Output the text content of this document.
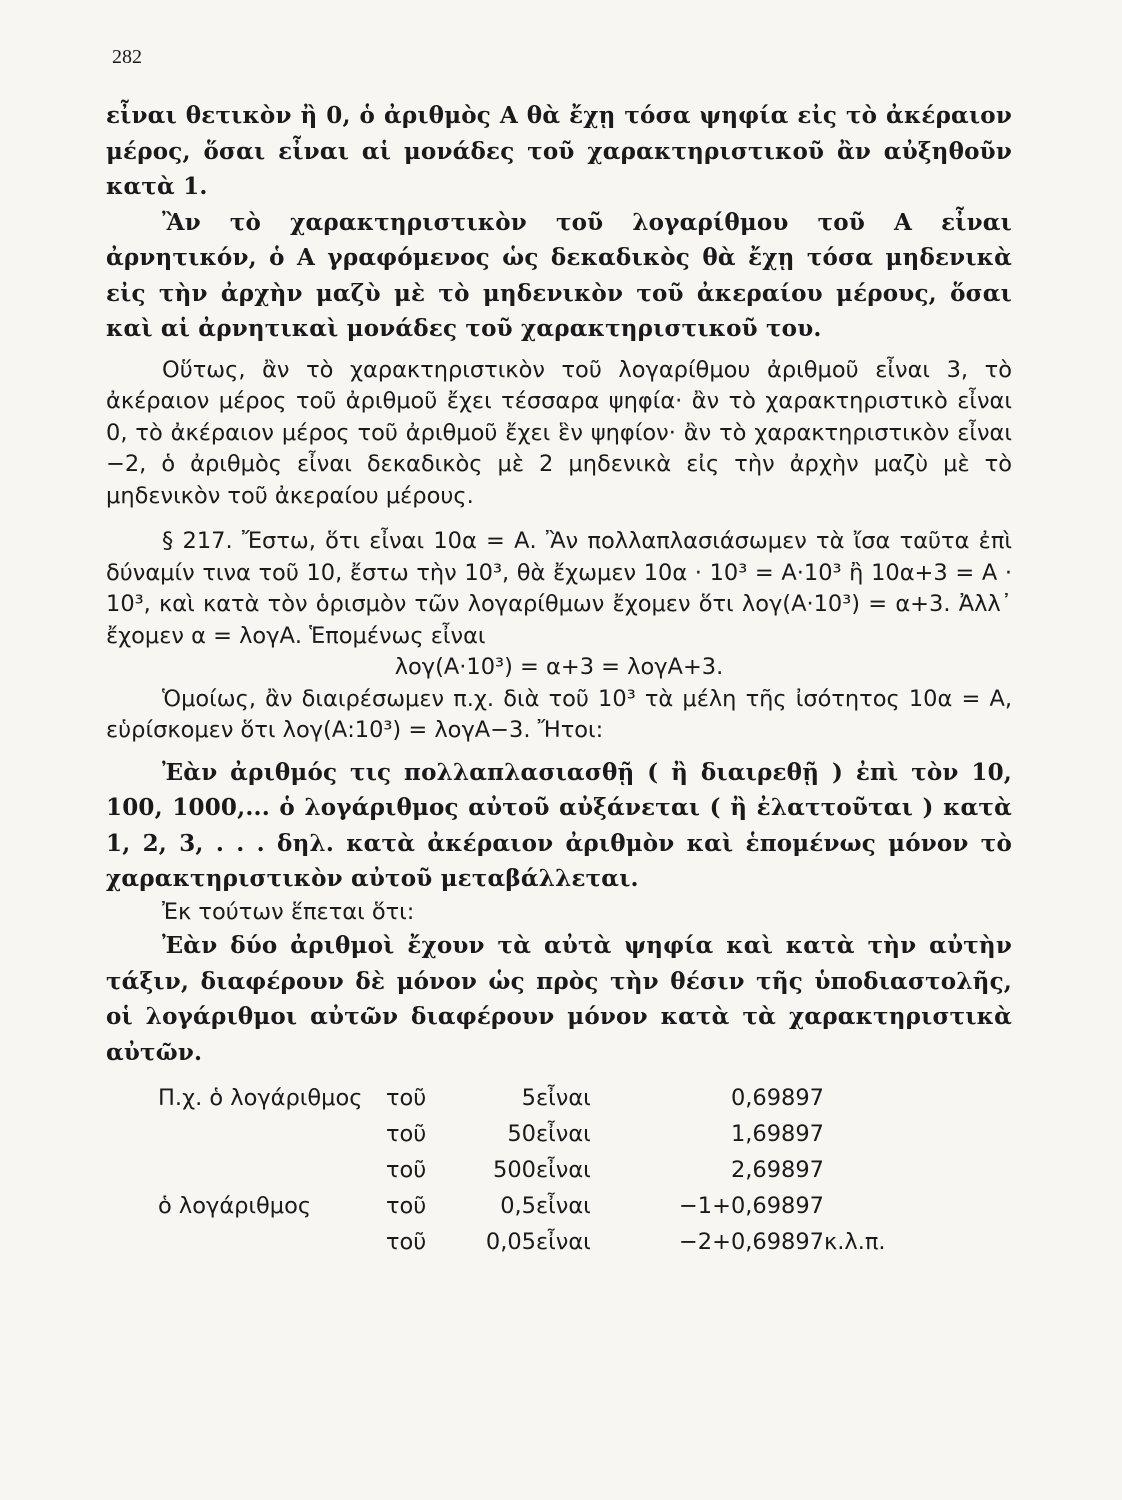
282

εἶναι θετικὸν ἢ 0, ὁ ἀριθμὸς Α θὰ ἔχῃ τόσα ψηφία εἰς τὸ ἀκέραιον μέρος, ὅσαι εἶναι αἱ μονάδες τοῦ χαρακτηριστικοῦ ἂν αὐξηθοῦν κατὰ 1.

Ἂν τὸ χαρακτηριστικὸν τοῦ λογαρίθμου τοῦ Α εἶναι ἀρνητικόν, ὁ Α γραφόμενος ὡς δεκαδικὸς θὰ ἔχῃ τόσα μηδενικὰ εἰς τὴν ἀρχὴν μαζὺ μὲ τὸ μηδενικὸν τοῦ ἀκεραίου μέρους, ὅσαι καὶ αἱ ἀρνητικαὶ μονάδες τοῦ χαρακτηριστικοῦ του.

Οὕτως, ἂν τὸ χαρακτηριστικὸν τοῦ λογαρίθμου ἀριθμοῦ εἶναι 3, τὸ ἀκέραιον μέρος τοῦ ἀριθμοῦ ἔχει τέσσαρα ψηφία· ἂν τὸ χαρακτηριστικὸ εἶναι 0, τὸ ἀκέραιον μέρος τοῦ ἀριθμοῦ ἔχει ἓν ψηφίον· ἂν τὸ χαρακτηριστικὸν εἶναι −2, ὁ ἀριθμὸς εἶναι δεκαδικὸς μὲ 2 μηδενικὰ εἰς τὴν ἀρχὴν μαζὺ μὲ τὸ μηδενικὸν τοῦ ἀκεραίου μέρους.

§ 217. Ἔστω, ὅτι εἶναι 10α = Α. Ἂν πολλαπλασιάσωμεν τὰ ἴσα ταῦτα ἐπὶ δύναμίν τινα τοῦ 10, ἔστω τὴν 10³, θὰ ἔχωμεν 10α · 10³ = Α·10³ ἢ 10α+3 = Α · 10³, καὶ κατὰ τὸν ὁρισμὸν τῶν λογαρίθμων ἔχομεν ὅτι λογ(Α·10³) = α+3. Ἀλλ᾽ ἔχομεν α = λογΑ. Ἑπομένως εἶναι

λογ(Α·10³) = α+3 = λογΑ+3.

Ὁμοίως, ἂν διαιρέσωμεν π.χ. διὰ τοῦ 10³ τὰ μέλη τῆς ἰσότητος 10α = Α, εὑρίσκομεν ὅτι λογ(Α:10³) = λογΑ−3. Ἤτοι:

Ἐὰν ἀριθμός τις πολλαπλασιασθῇ ( ἢ διαιρεθῇ ) ἐπὶ τὸν 10, 100, 1000,... ὁ λογάριθμος αὐτοῦ αὐξάνεται ( ἢ ἐλαττοῦται ) κατὰ 1, 2, 3, . . . δηλ. κατὰ ἀκέραιον ἀριθμὸν καὶ ἑπομένως μόνον τὸ χαρακτηριστικὸν αὐτοῦ μεταβάλλεται.

Ἐκ τούτων ἕπεται ὅτι:

Ἐὰν δύο ἀριθμοὶ ἔχουν τὰ αὐτὰ ψηφία καὶ κατὰ τὴν αὐτὴν τάξιν, διαφέρουν δὲ μόνον ὡς πρὸς τὴν θέσιν τῆς ὑποδιαστολῆς, οἱ λογάριθμοι αὐτῶν διαφέρουν μόνον κατὰ τὰ χαρακτηριστικὰ αὐτῶν.

Π.χ. ὁ λογάριθμος	τοῦ	5	εἶναι	0,69897	
	τοῦ	50	εἶναι	1,69897	
	τοῦ	500	εἶναι	2,69897	
ὁ λογάριθμος	τοῦ	0,5	εἶναι	−1+0,69897	
	τοῦ	0,05	εἶναι	−2+0,69897	κ.λ.π.
